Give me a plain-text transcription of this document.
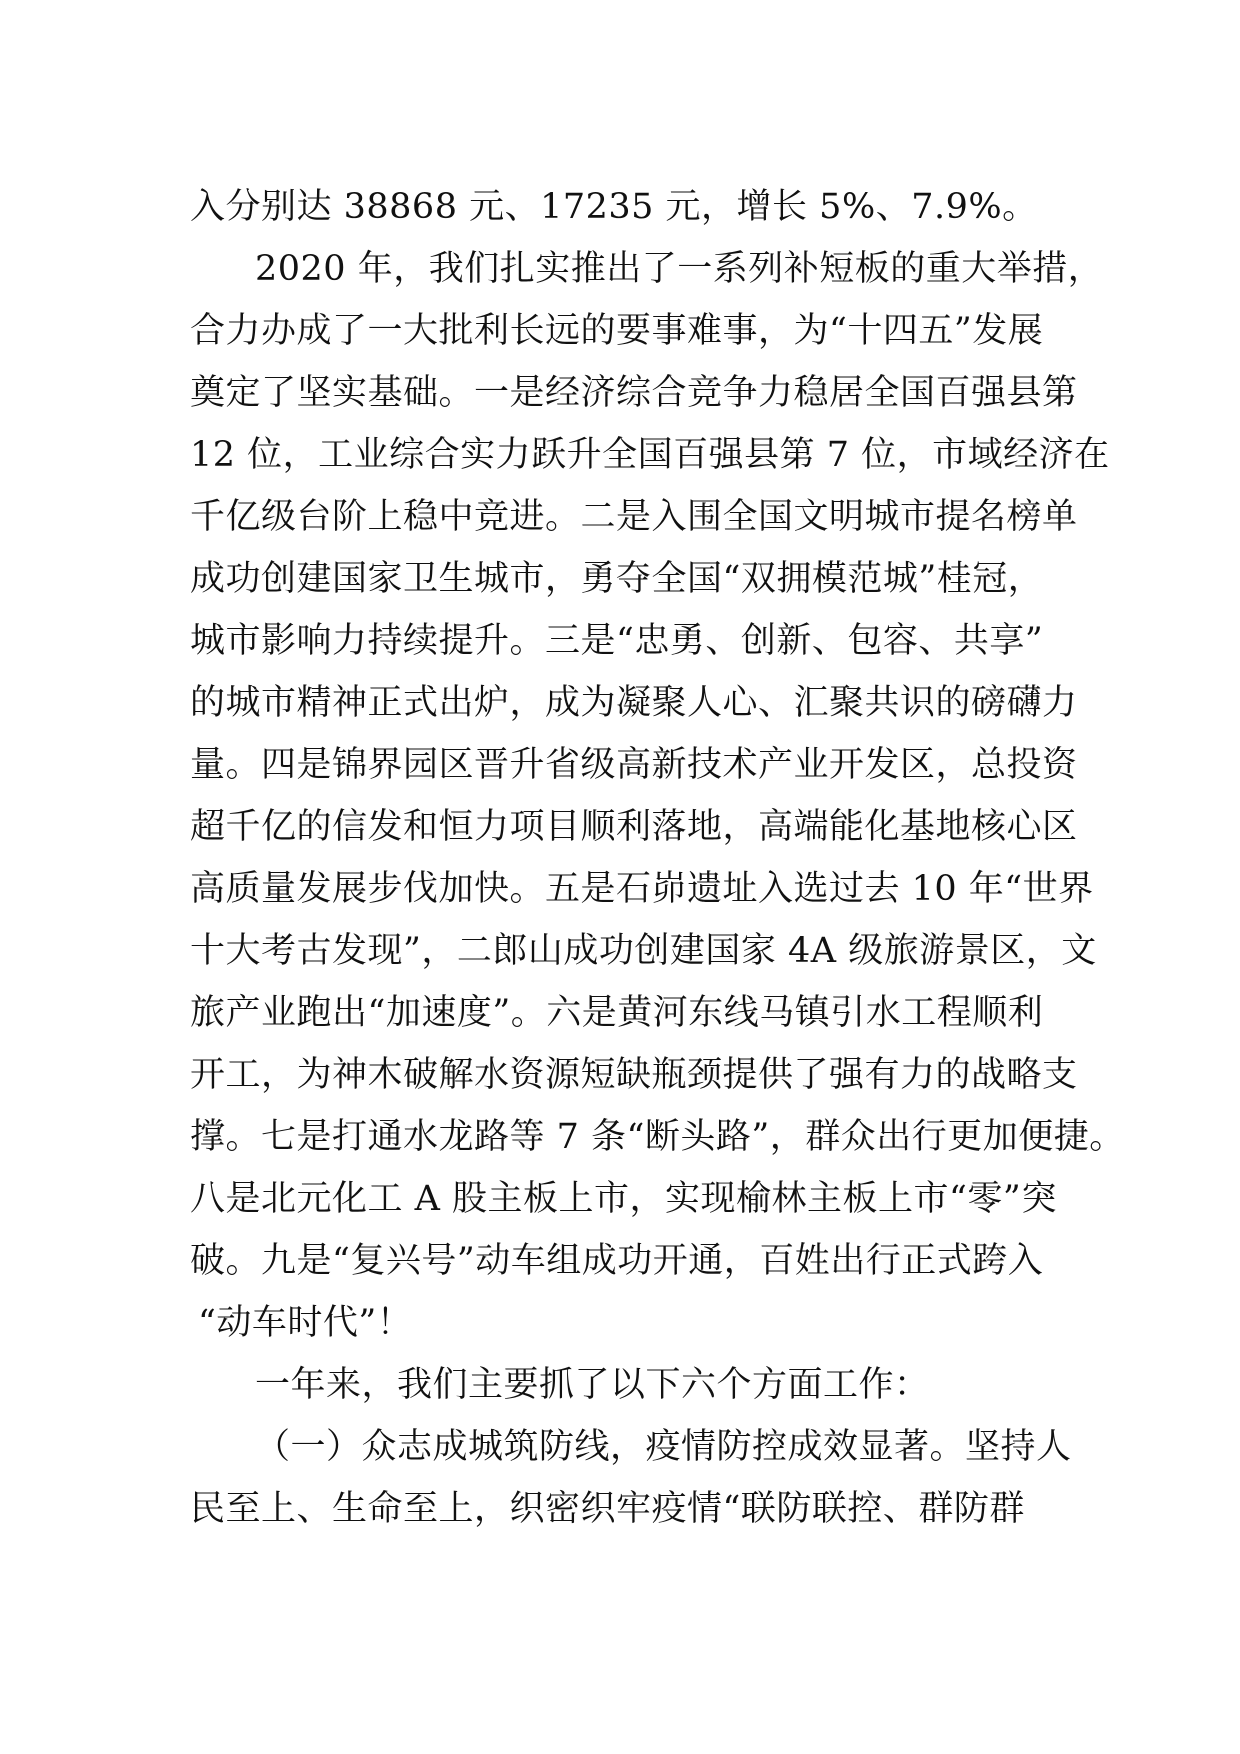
入分别达 38868 元、17235 元，增长 5%、7.9%。
2020 年，我们扎实推出了一系列补短板的重大举措，
合力办成了一大批利长远的要事难事，为“十四五”发展
奠定了坚实基础。一是经济综合竞争力稳居全国百强县第
12 位，工业综合实力跃升全国百强县第 7 位，市域经济在
千亿级台阶上稳中竞进。二是入围全国文明城市提名榜单
成功创建国家卫生城市，勇夺全国“双拥模范城”桂冠，
城市影响力持续提升。三是“忠勇、创新、包容、共享”
的城市精神正式出炉，成为凝聚人心、汇聚共识的磅礴力
量。四是锦界园区晋升省级高新技术产业开发区，总投资
超千亿的信发和恒力项目顺利落地，高端能化基地核心区
高质量发展步伐加快。五是石峁遗址入选过去 10 年“世界
十大考古发现”，二郎山成功创建国家 4A 级旅游景区，文
旅产业跑出“加速度”。六是黄河东线马镇引水工程顺利
开工，为神木破解水资源短缺瓶颈提供了强有力的战略支
撑。七是打通水龙路等 7 条“断头路”，群众出行更加便捷。
八是北元化工 A 股主板上市，实现榆林主板上市“零”突
破。九是“复兴号”动车组成功开通，百姓出行正式跨入
“动车时代”！
一年来，我们主要抓了以下六个方面工作：
（一）众志成城筑防线，疫情防控成效显著。坚持人
民至上、生命至上，织密织牢疫情“联防联控、群防群
